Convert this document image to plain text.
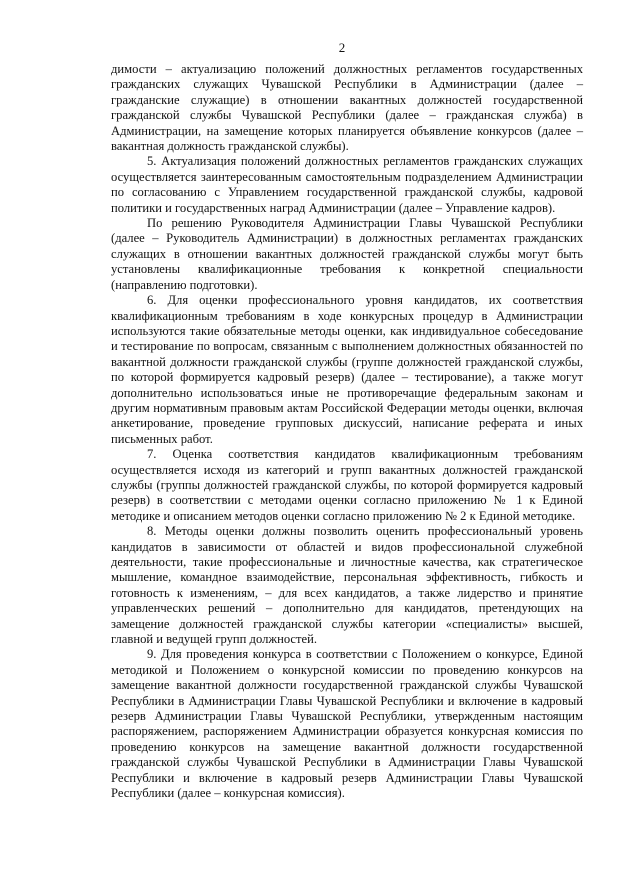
2

димости – актуализацию положений должностных регламентов государственных гражданских служащих Чувашской Республики в Администрации (далее – гражданские служащие) в отношении вакантных должностей государственной гражданской службы Чувашской Республики (далее – гражданская служба) в Администрации, на замещение которых планируется объявление конкурсов (далее – вакантная должность гражданской службы).

5. Актуализация положений должностных регламентов гражданских служащих осуществляется заинтересованным самостоятельным подразделением Администрации по согласованию с Управлением государственной гражданской службы, кадровой политики и государственных наград Администрации (далее – Управление кадров).

По решению Руководителя Администрации Главы Чувашской Республики (далее – Руководитель Администрации) в должностных регламентах гражданских служащих в отношении вакантных должностей гражданской службы могут быть установлены квалификационные требования к конкретной специальности (направлению подготовки).

6. Для оценки профессионального уровня кандидатов, их соответствия квалификационным требованиям в ходе конкурсных процедур в Администрации используются такие обязательные методы оценки, как индивидуальное собеседование и тестирование по вопросам, связанным с выполнением должностных обязанностей по вакантной должности гражданской службы (группе должностей гражданской службы, по которой формируется кадровый резерв) (далее – тестирование), а также могут дополнительно использоваться иные не противоречащие федеральным законам и другим нормативным правовым актам Российской Федерации методы оценки, включая анкетирование, проведение групповых дискуссий, написание реферата и иных письменных работ.

7. Оценка соответствия кандидатов квалификационным требованиям осуществляется исходя из категорий и групп вакантных должностей гражданской службы (группы должностей гражданской службы, по которой формируется кадровый резерв) в соответствии с методами оценки согласно приложению № 1 к Единой методике и описанием методов оценки согласно приложению № 2 к Единой методике.

8. Методы оценки должны позволить оценить профессиональный уровень кандидатов в зависимости от областей и видов профессиональной служебной деятельности, такие профессиональные и личностные качества, как стратегическое мышление, командное взаимодействие, персональная эффективность, гибкость и готовность к изменениям, – для всех кандидатов, а также лидерство и принятие управленческих решений – дополнительно для кандидатов, претендующих на замещение должностей гражданской службы категории «специалисты» высшей, главной и ведущей групп должностей.

9. Для проведения конкурса в соответствии с Положением о конкурсе, Единой методикой и Положением о конкурсной комиссии по проведению конкурсов на замещение вакантной должности государственной гражданской службы Чувашской Республики в Администрации Главы Чувашской Республики и включение в кадровый резерв Администрации Главы Чувашской Республики, утвержденным настоящим распоряжением, распоряжением Администрации образуется конкурсная комиссия по проведению конкурсов на замещение вакантной должности государственной гражданской службы Чувашской Республики в Администрации Главы Чувашской Республики и включение в кадровый резерв Администрации Главы Чувашской Республики (далее – конкурсная комиссия).
